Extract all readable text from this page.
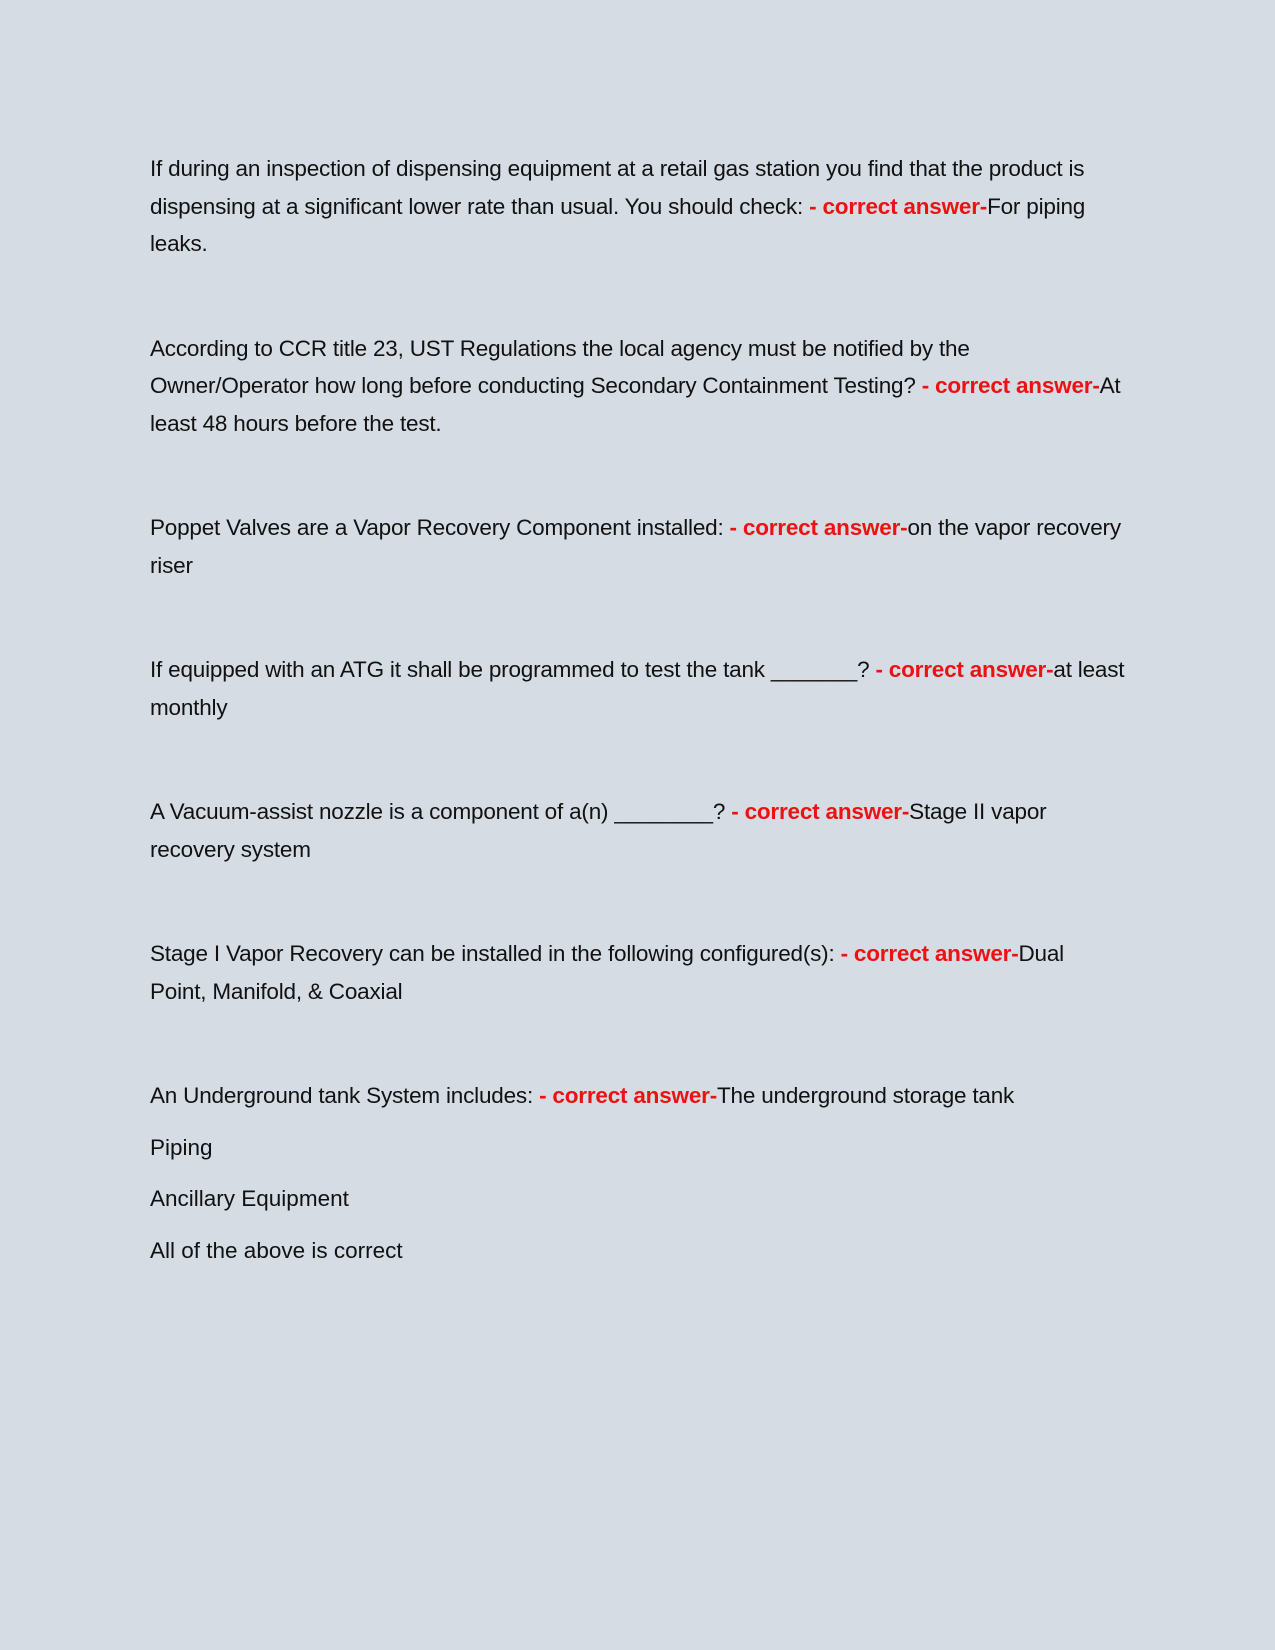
If during an inspection of dispensing equipment at a retail gas station you find that the product is dispensing at a significant lower rate than usual. You should check: - correct answer-For piping leaks.

According to CCR title 23, UST Regulations the local agency must be notified by the Owner/Operator how long before conducting Secondary Containment Testing? - correct answer-At least 48 hours before the test.

Poppet Valves are a Vapor Recovery Component installed: - correct answer-on the vapor recovery riser

If equipped with an ATG it shall be programmed to test the tank _______? - correct answer-at least monthly

A Vacuum-assist nozzle is a component of a(n) ________? - correct answer-Stage II vapor recovery system

Stage I Vapor Recovery can be installed in the following configured(s): - correct answer-Dual Point, Manifold, & Coaxial

An Underground tank System includes: - correct answer-The underground storage tank

Piping

Ancillary Equipment

All of the above is correct
